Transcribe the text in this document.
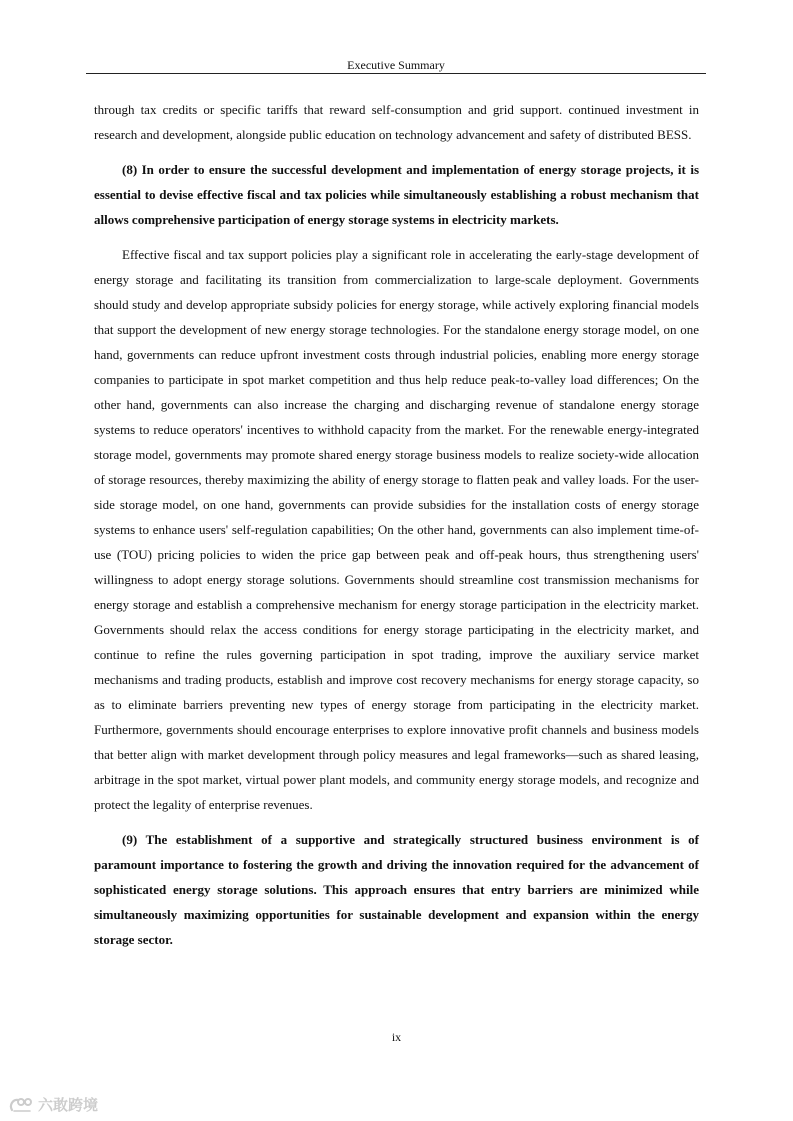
Executive Summary

through tax credits or specific tariffs that reward self-consumption and grid support. continued investment in research and development, alongside public education on technology advancement and safety of distributed BESS.

(8) In order to ensure the successful development and implementation of energy storage projects, it is essential to devise effective fiscal and tax policies while simultaneously establishing a robust mechanism that allows comprehensive participation of energy storage systems in electricity markets.

Effective fiscal and tax support policies play a significant role in accelerating the early-stage development of energy storage and facilitating its transition from commercialization to large-scale deployment. Governments should study and develop appropriate subsidy policies for energy storage, while actively exploring financial models that support the development of new energy storage technologies. For the standalone energy storage model, on one hand, governments can reduce upfront investment costs through industrial policies, enabling more energy storage companies to participate in spot market competition and thus help reduce peak-to-valley load differences; On the other hand, governments can also increase the charging and discharging revenue of standalone energy storage systems to reduce operators' incentives to withhold capacity from the market. For the renewable energy-integrated storage model, governments may promote shared energy storage business models to realize society-wide allocation of storage resources, thereby maximizing the ability of energy storage to flatten peak and valley loads. For the user-side storage model, on one hand, governments can provide subsidies for the installation costs of energy storage systems to enhance users' self-regulation capabilities; On the other hand, governments can also implement time-of-use (TOU) pricing policies to widen the price gap between peak and off-peak hours, thus strengthening users' willingness to adopt energy storage solutions. Governments should streamline cost transmission mechanisms for energy storage and establish a comprehensive mechanism for energy storage participation in the electricity market. Governments should relax the access conditions for energy storage participating in the electricity market, and continue to refine the rules governing participation in spot trading, improve the auxiliary service market mechanisms and trading products, establish and improve cost recovery mechanisms for energy storage capacity, so as to eliminate barriers preventing new types of energy storage from participating in the electricity market. Furthermore, governments should encourage enterprises to explore innovative profit channels and business models that better align with market development through policy measures and legal frameworks—such as shared leasing, arbitrage in the spot market, virtual power plant models, and community energy storage models, and recognize and protect the legality of enterprise revenues.

(9) The establishment of a supportive and strategically structured business environment is of paramount importance to fostering the growth and driving the innovation required for the advancement of sophisticated energy storage solutions. This approach ensures that entry barriers are minimized while simultaneously maximizing opportunities for sustainable development and expansion within the energy storage sector.

ix
六敢跨境
